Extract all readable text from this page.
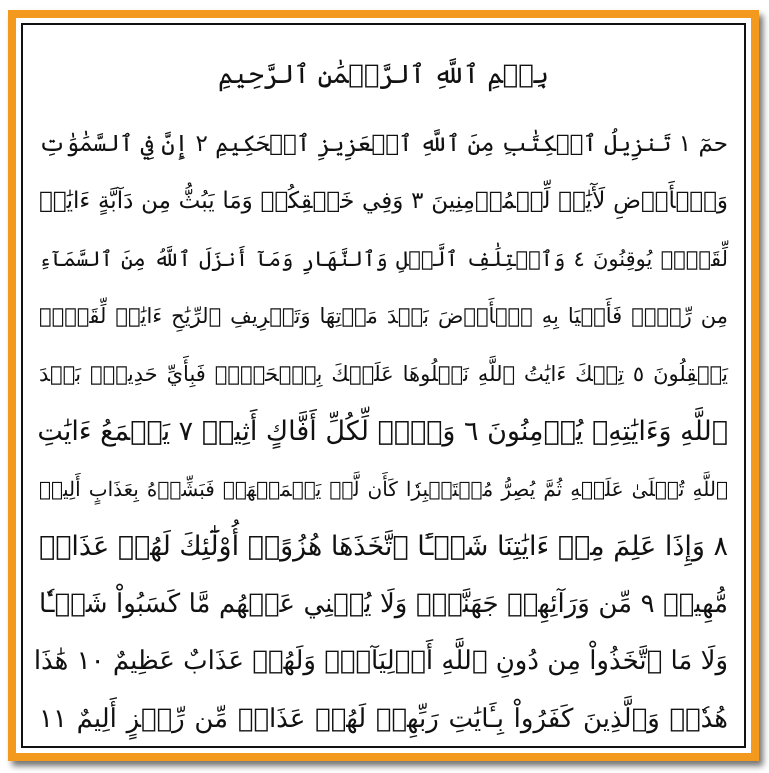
بِسۡمِ ٱللَّهِ ٱلرَّحۡمَٰنِ ٱلرَّحِيمِ
حمٓ ١ تَنزِيلُ ٱلۡكِتَٰبِ مِنَ ٱللَّهِ ٱلۡعَزِيزِ ٱلۡحَكِيمِ ٢ إِنَّ فِي ٱلسَّمَٰوَٰتِ
وَٱلۡأَرۡضِ لَأٓيَٰتٖ لِّلۡمُؤۡمِنِينَ ٣ وَفِي خَلۡقِكُمۡ وَمَا يَبُثُّ مِن دَآبَّةٍ ءَايَٰتٞ
لِّقَوۡمٖ يُوقِنُونَ ٤ وَٱخۡتِلَٰفِ ٱلَّيۡلِ وَٱلنَّهَارِ وَمَآ أَنزَلَ ٱللَّهُ مِنَ ٱلسَّمَآءِ
مِن رِّزۡقٖ فَأَحۡيَا بِهِ ٱلۡأَرۡضَ بَعۡدَ مَوۡتِهَا وَتَصۡرِيفِ ٱلرِّيَٰحِ ءَايَٰتٞ لِّقَوۡمٖ
يَعۡقِلُونَ ٥ تِلۡكَ ءَايَٰتُ ٱللَّهِ نَتۡلُوهَا عَلَيۡكَ بِٱلۡحَقِّۖ فَبِأَيِّ حَدِيثِۭ بَعۡدَ
ٱللَّهِ وَءَايَٰتِهِۦ يُؤۡمِنُونَ ٦ وَيۡلٞ لِّكُلِّ أَفَّاكٍ أَثِيمٖ ٧ يَسۡمَعُ ءَايَٰتِ
ٱللَّهِ تُتۡلَىٰ عَلَيۡهِ ثُمَّ يُصِرُّ مُسۡتَكۡبِرٗا كَأَن لَّمۡ يَسۡمَعۡهَاۖ فَبَشِّرۡهُ بِعَذَابٍ أَلِيمٖ
٨ وَإِذَا عَلِمَ مِنۡ ءَايَٰتِنَا شَيۡـًٔا ٱتَّخَذَهَا هُزُوًاۚ أُوْلَٰٓئِكَ لَهُمۡ عَذَابٞ
مُّهِينٞ ٩ مِّن وَرَآئِهِمۡ جَهَنَّمُۖ وَلَا يُغۡنِي عَنۡهُم مَّا كَسَبُواْ شَيۡـٔٗا
وَلَا مَا ٱتَّخَذُواْ مِن دُونِ ٱللَّهِ أَوۡلِيَآءَۖ وَلَهُمۡ عَذَابٌ عَظِيمٌ ١٠ هَٰذَا
هُدٗىۖ وَٱلَّذِينَ كَفَرُواْ بِـَٔايَٰتِ رَبِّهِمۡ لَهُمۡ عَذَابٞ مِّن رِّجۡزٍ أَلِيمٌ ١١
